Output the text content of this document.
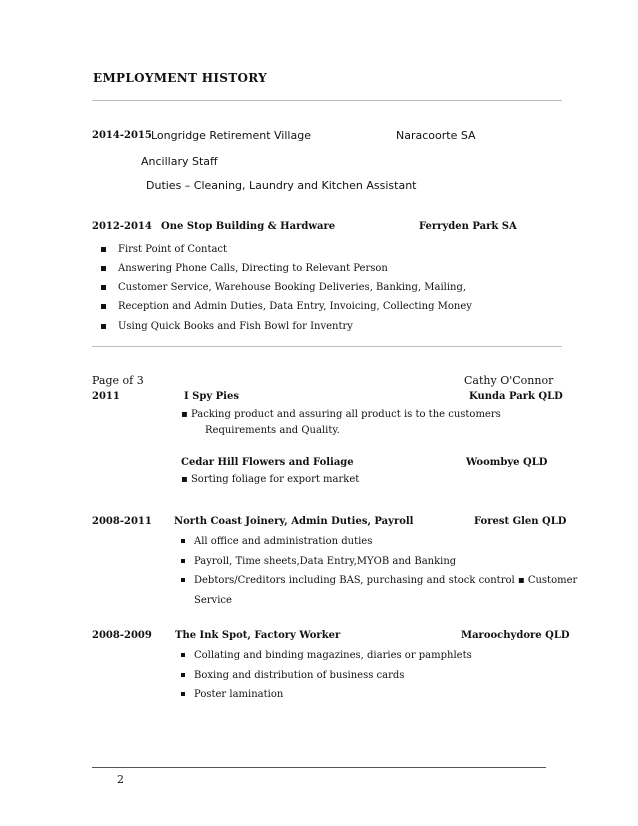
EMPLOYMENT HISTORY
2014-2015 Longridge Retirement Village	Naracoorte SA
Ancillary Staff
Duties – Cleaning, Laundry and Kitchen Assistant
2012-2014 One Stop Building & Hardware	Ferryden Park SA
First Point of Contact
Answering Phone Calls, Directing to Relevant Person
Customer Service, Warehouse Booking Deliveries, Banking, Mailing,
Reception and Admin Duties, Data Entry, Invoicing, Collecting Money
Using Quick Books and Fish Bowl for Inventry
Page of 3	Cathy O'Connor
2011	I Spy Pies	Kunda Park QLD
▪ Packing product and assuring all product is to the customers
Requirements and Quality.
Cedar Hill Flowers and Foliage	Woombye QLD
▪ Sorting foliage for export market
2008-2011 North Coast Joinery, Admin Duties, Payroll	Forest Glen QLD
All office and administration duties
Payroll, Time sheets,Data Entry,MYOB and Banking
Debtors/Creditors including BAS, purchasing and stock control ▪ Customer
Service
2008-2009 The Ink Spot, Factory Worker	Maroochydore QLD
Collating and binding magazines, diaries or pamphlets
Boxing and distribution of business cards
Poster lamination
2
